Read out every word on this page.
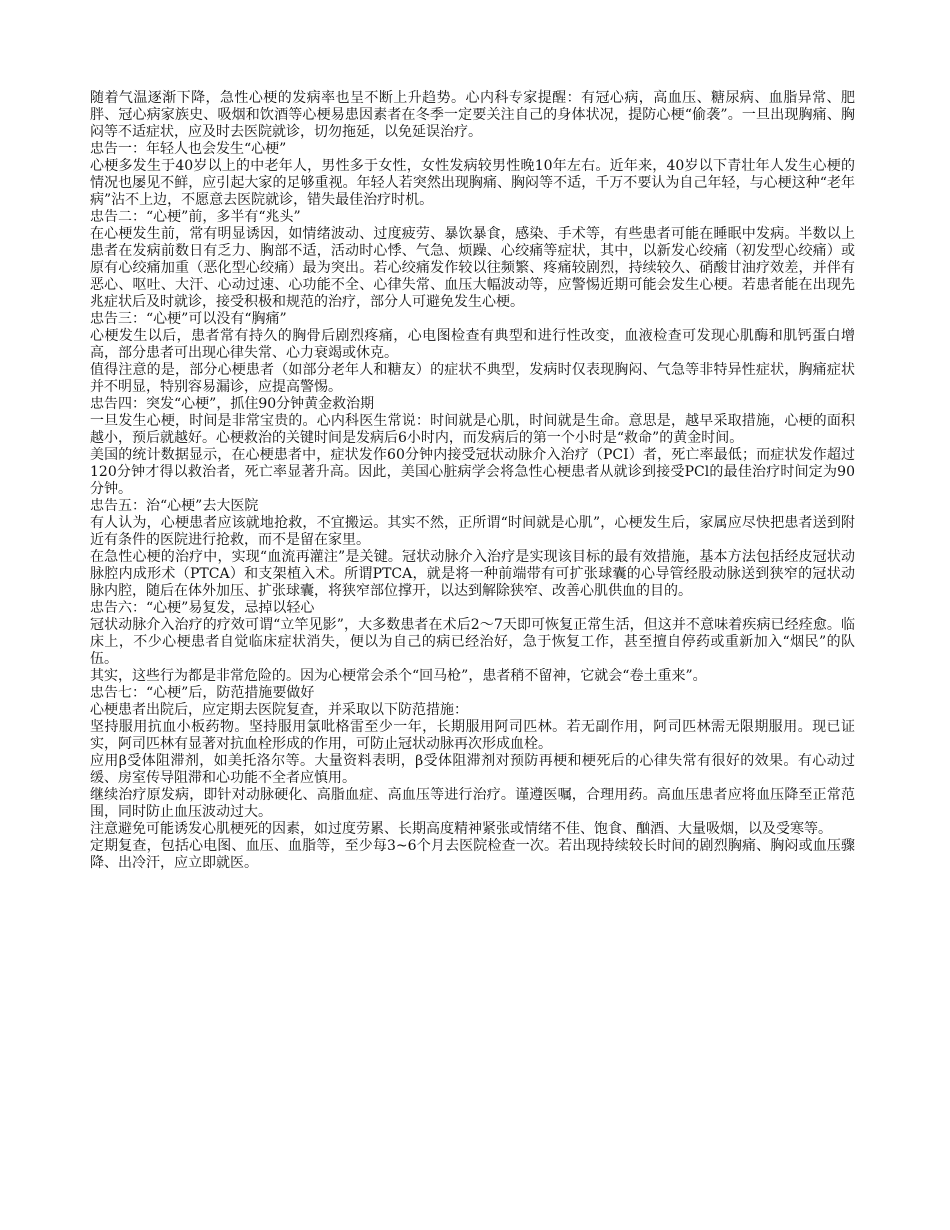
随着气温逐渐下降，急性心梗的发病率也呈不断上升趋势。心内科专家提醒：有冠心病，高血压、糖尿病、血脂异常、肥胖、冠心病家族史、吸烟和饮酒等心梗易患因素者在冬季一定要关注自己的身体状况，提防心梗“偷袭”。一旦出现胸痛、胸闷等不适症状，应及时去医院就诊，切勿拖延，以免延误治疗。

忠告一：年轻人也会发生“心梗”

心梗多发生于40岁以上的中老年人，男性多于女性，女性发病较男性晚10年左右。近年来，40岁以下青壮年人发生心梗的情况也屡见不鲜，应引起大家的足够重视。年轻人若突然出现胸痛、胸闷等不适，千万不要认为自己年轻，与心梗这种“老年病”沾不上边，不愿意去医院就诊，错失最佳治疗时机。

忠告二：“心梗”前，多半有“兆头”

在心梗发生前，常有明显诱因，如情绪波动、过度疲劳、暴饮暴食，感染、手术等，有些患者可能在睡眠中发病。半数以上患者在发病前数日有乏力、胸部不适，活动时心悸、气急、烦躁、心绞痛等症状，其中，以新发心绞痛（初发型心绞痛）或原有心绞痛加重（恶化型心绞痛）最为突出。若心绞痛发作较以往频繁、疼痛较剧烈，持续较久、硝酸甘油疗效差，并伴有恶心、呕吐、大汗、心动过速、心功能不全、心律失常、血压大幅波动等，应警惕近期可能会发生心梗。若患者能在出现先兆症状后及时就诊，接受积极和规范的治疗，部分人可避免发生心梗。

忠告三：“心梗”可以没有“胸痛”

心梗发生以后，患者常有持久的胸骨后剧烈疼痛，心电图检查有典型和进行性改变，血液检查可发现心肌酶和肌钙蛋白增高，部分患者可出现心律失常、心力衰竭或休克。

值得注意的是，部分心梗患者（如部分老年人和糖友）的症状不典型，发病时仅表现胸闷、气急等非特异性症状，胸痛症状并不明显，特别容易漏诊，应提高警惕。

忠告四：突发“心梗”，抓住90分钟黄金救治期

一旦发生心梗，时间是非常宝贵的。心内科医生常说：时间就是心肌，时间就是生命。意思是，越早采取措施，心梗的面积越小，预后就越好。心梗救治的关键时间是发病后6小时内，而发病后的第一个小时是“救命”的黄金时间。

美国的统计数据显示，在心梗患者中，症状发作60分钟内接受冠状动脉介入治疗（PCI）者，死亡率最低；而症状发作超过120分钟才得以救治者，死亡率显著升高。因此，美国心脏病学会将急性心梗患者从就诊到接受PCl的最佳治疗时间定为90分钟。

忠告五：治“心梗”去大医院

有人认为，心梗患者应该就地抢救，不宜搬运。其实不然，正所谓“时间就是心肌”，心梗发生后，家属应尽快把患者送到附近有条件的医院进行抢救，而不是留在家里。

在急性心梗的治疗中，实现“血流再灌注”是关键。冠状动脉介入治疗是实现该目标的最有效措施，基本方法包括经皮冠状动脉腔内成形术（PTCA）和支架植入术。所谓PTCA，就是将一种前端带有可扩张球囊的心导管经股动脉送到狭窄的冠状动脉内腔，随后在体外加压、扩张球囊，将狭窄部位撑开，以达到解除狭窄、改善心肌供血的目的。

忠告六：“心梗”易复发，忌掉以轻心

冠状动脉介入治疗的疗效可谓“立竿见影”，大多数患者在术后2～7天即可恢复正常生活，但这并不意味着疾病已经痊愈。临床上，不少心梗患者自觉临床症状消失，便以为自己的病已经治好，急于恢复工作，甚至擅自停药或重新加入“烟民”的队伍。

其实，这些行为都是非常危险的。因为心梗常会杀个“回马枪”，患者稍不留神，它就会“卷土重来”。

忠告七：“心梗”后，防范措施要做好

心梗患者出院后，应定期去医院复查，并采取以下防范措施：

坚持服用抗血小板药物。坚持服用氯吡格雷至少一年，长期服用阿司匹林。若无副作用，阿司匹林需无限期服用。现已证实，阿司匹林有显著对抗血栓形成的作用，可防止冠状动脉再次形成血栓。

应用β受体阻滞剂，如美托洛尔等。大量资料表明，β受体阻滞剂对预防再梗和梗死后的心律失常有很好的效果。有心动过缓、房室传导阻滞和心功能不全者应慎用。

继续治疗原发病，即针对动脉硬化、高脂血症、高血压等进行治疗。谨遵医嘱，合理用药。高血压患者应将血压降至正常范围，同时防止血压波动过大。

注意避免可能诱发心肌梗死的因素，如过度劳累、长期高度精神紧张或情绪不佳、饱食、酗酒、大量吸烟，以及受寒等。

定期复查，包括心电图、血压、血脂等，至少每3~6个月去医院检查一次。若出现持续较长时间的剧烈胸痛、胸闷或血压骤降、出冷汗，应立即就医。
